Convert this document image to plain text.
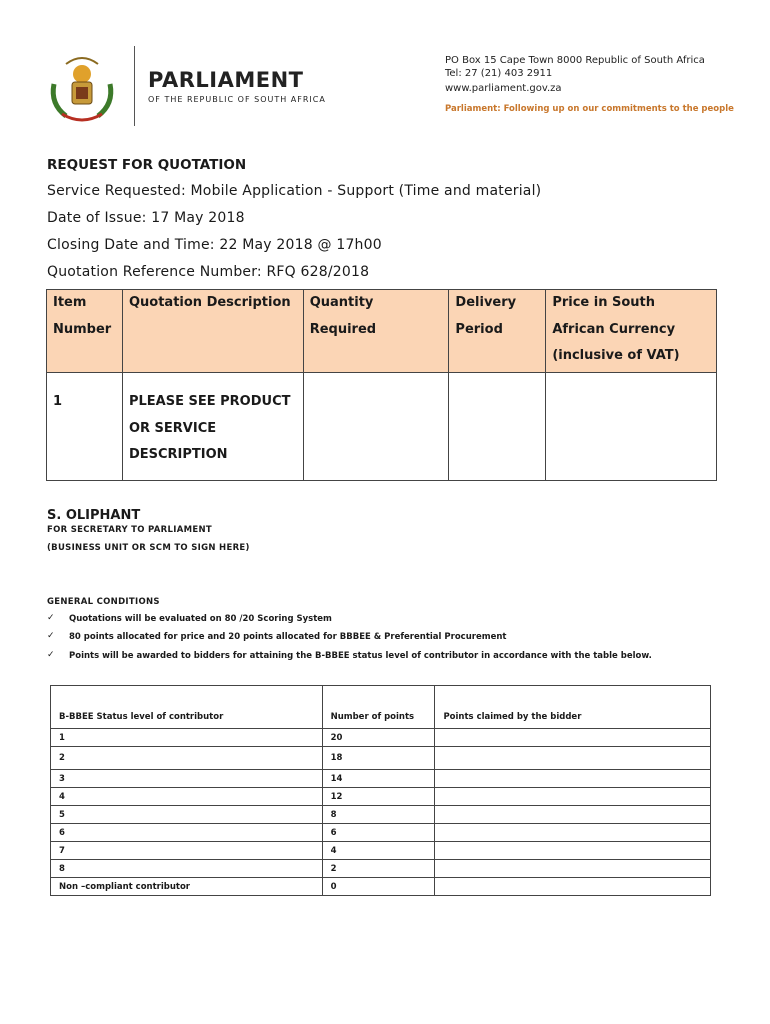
PARLIAMENT
OF THE REPUBLIC OF SOUTH AFRICA
PO Box 15 Cape Town 8000 Republic of South Africa
Tel: 27 (21) 403 2911
www.parliament.gov.za
Parliament: Following up on our commitments to the people
REQUEST FOR QUOTATION
Service Requested: Mobile Application - Support (Time and material)
Date of Issue: 17 May 2018
Closing Date and Time: 22 May 2018 @ 17h00
Quotation Reference Number: RFQ 628/2018
Item Number	Quotation Description	Quantity Required	Delivery Period	Price in South African Currency (inclusive of VAT)

1	PLEASE SEE PRODUCT OR SERVICE DESCRIPTION			

S. OLIPHANT
FOR SECRETARY TO PARLIAMENT
(BUSINESS UNIT OR SCM TO SIGN HERE)
GENERAL CONDITIONS
✓ Quotations will be evaluated on 80 /20 Scoring System
✓ 80 points allocated for price and 20 points allocated for BBBEE & Preferential Procurement
✓ Points will be awarded to bidders for attaining the B-BBEE status level of contributor in accordance with the table below.
B-BBEE Status level of contributor	Number of points	Points claimed by the bidder
1	20	
2	18	
3	14	
4	12	
5	8	
6	6	
7	4	
8	2	
Non –compliant contributor	0	
